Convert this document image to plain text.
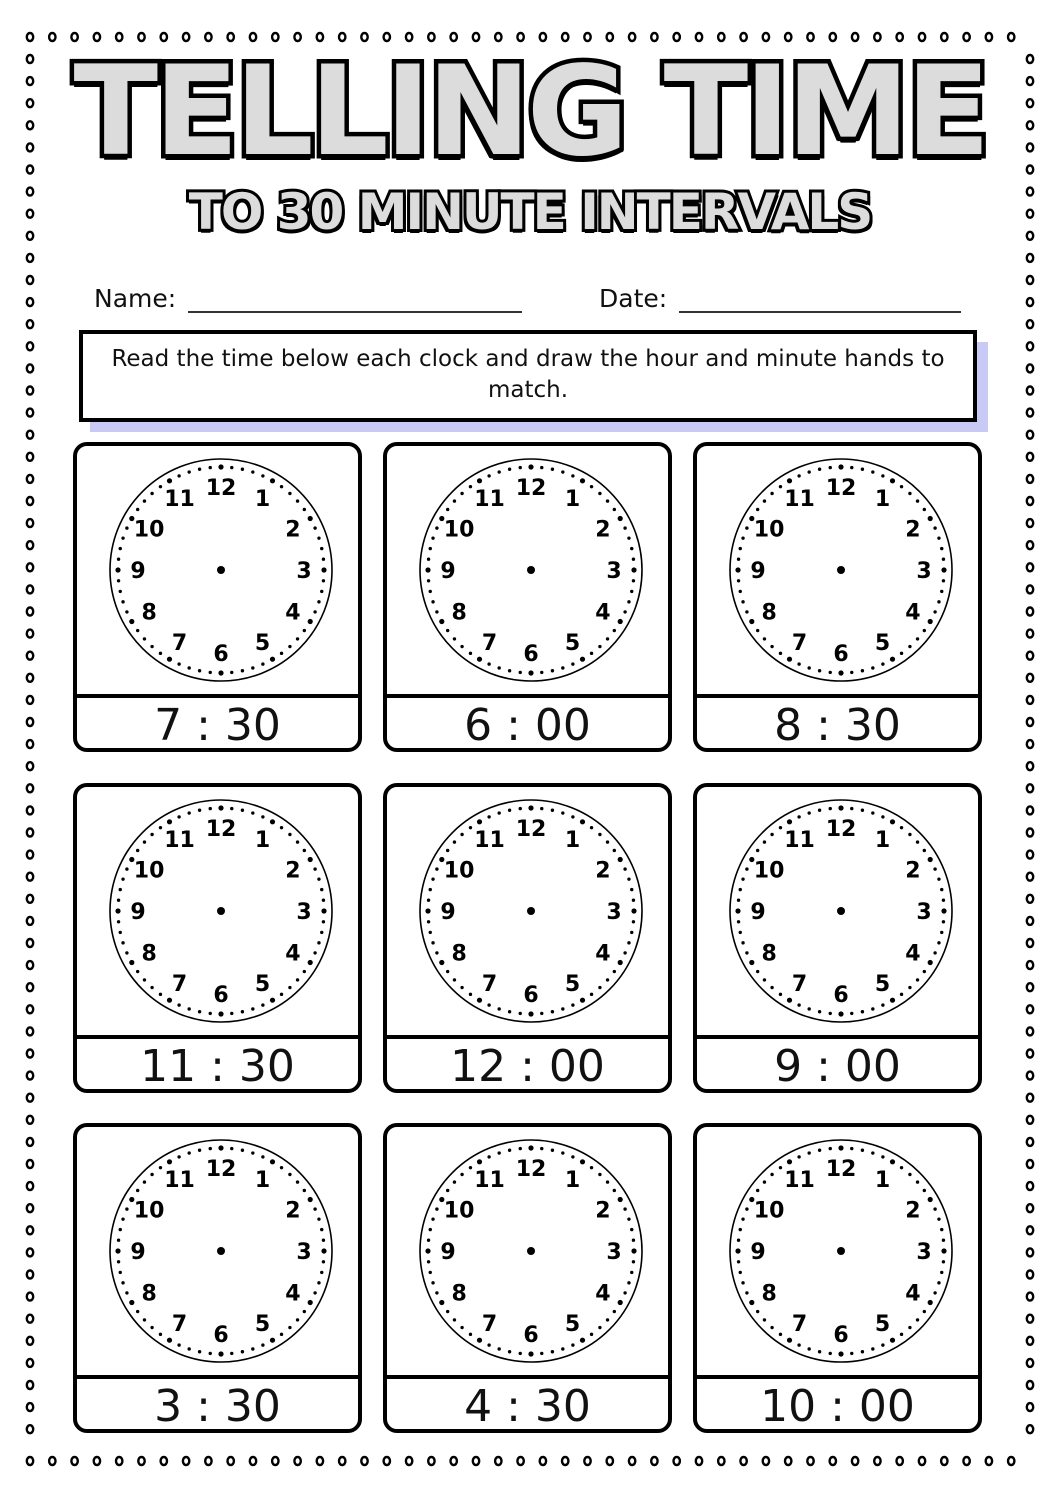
TELLING TIME
TO 30 MINUTE INTERVALS
Name:	Date:
Read the time below each clock and draw the hour and minute hands to match.
12 1
2
3
4
5
6
7
8
9
10
11
7 : 30
12 1
2
3
4
5
6
7
8
9
10
11
6 : 00
12 1
2
3
4
5
6
7
8
9
10
11
8 : 30
12 1
2
3
4
5
6
7
8
9
10
11
11 : 30
12 1
2
3
4
5
6
7
8
9
10
11
12 : 00
12 1
2
3
4
5
6
7
8
9
10
11
9 : 00
12 1
2
3
4
5
6
7
8
9
10
11
3 : 30
12 1
2
3
4
5
6
7
8
9
10
11
4 : 30
12 1
2
3
4
5
6
7
8
9
10
11
10 : 00
